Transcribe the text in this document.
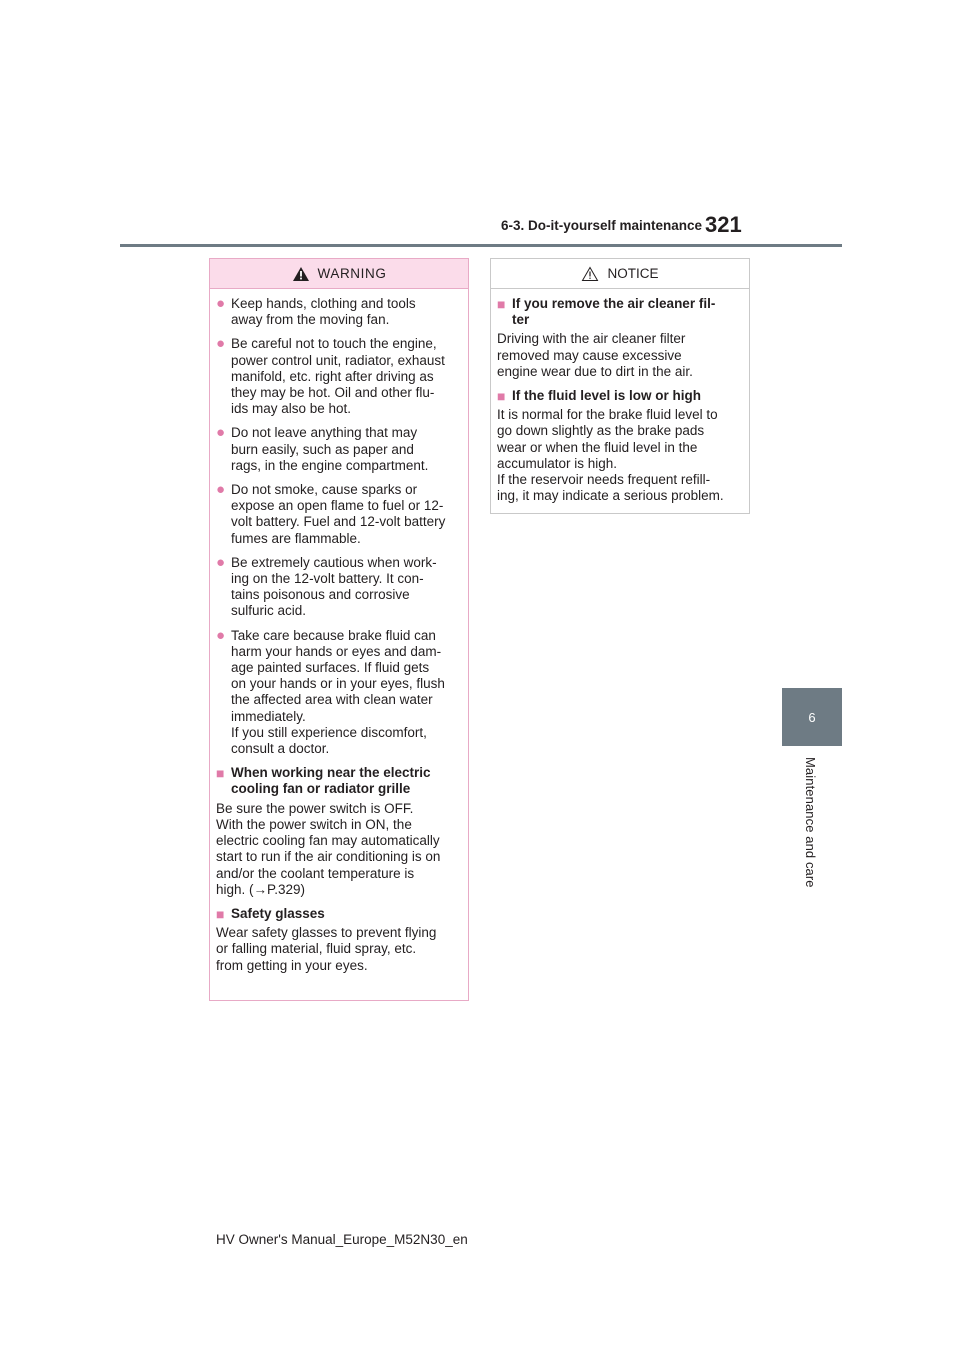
6-3. Do-it-yourself maintenance 321
6
Maintenance and care
WARNING
● Keep hands, clothing and tools
away from the moving fan.
● Be careful not to touch the engine,
power control unit, radiator, exhaust
manifold, etc. right after driving as
they may be hot. Oil and other flu-
ids may also be hot.
● Do not leave anything that may
burn easily, such as paper and
rags, in the engine compartment.
● Do not smoke, cause sparks or
expose an open flame to fuel or 12-
volt battery. Fuel and 12-volt battery
fumes are flammable.
● Be extremely cautious when work-
ing on the 12-volt battery. It con-
tains poisonous and corrosive
sulfuric acid.
● Take care because brake fluid can
harm your hands or eyes and dam-
age painted surfaces. If fluid gets
on your hands or in your eyes, flush
the affected area with clean water
immediately.
If you still experience discomfort,
consult a doctor.
■ When working near the electric
cooling fan or radiator grille
Be sure the power switch is OFF.
With the power switch in ON, the
electric cooling fan may automatically
start to run if the air conditioning is on
and/or the coolant temperature is
high. (→P.329)
■ Safety glasses
Wear safety glasses to prevent flying
or falling material, fluid spray, etc.
from getting in your eyes.
NOTICE
■ If you remove the air cleaner fil-
ter
Driving with the air cleaner filter
removed may cause excessive
engine wear due to dirt in the air.
■ If the fluid level is low or high
It is normal for the brake fluid level to
go down slightly as the brake pads
wear or when the fluid level in the
accumulator is high.
If the reservoir needs frequent refill-
ing, it may indicate a serious problem.
HV Owner's Manual_Europe_M52N30_en
